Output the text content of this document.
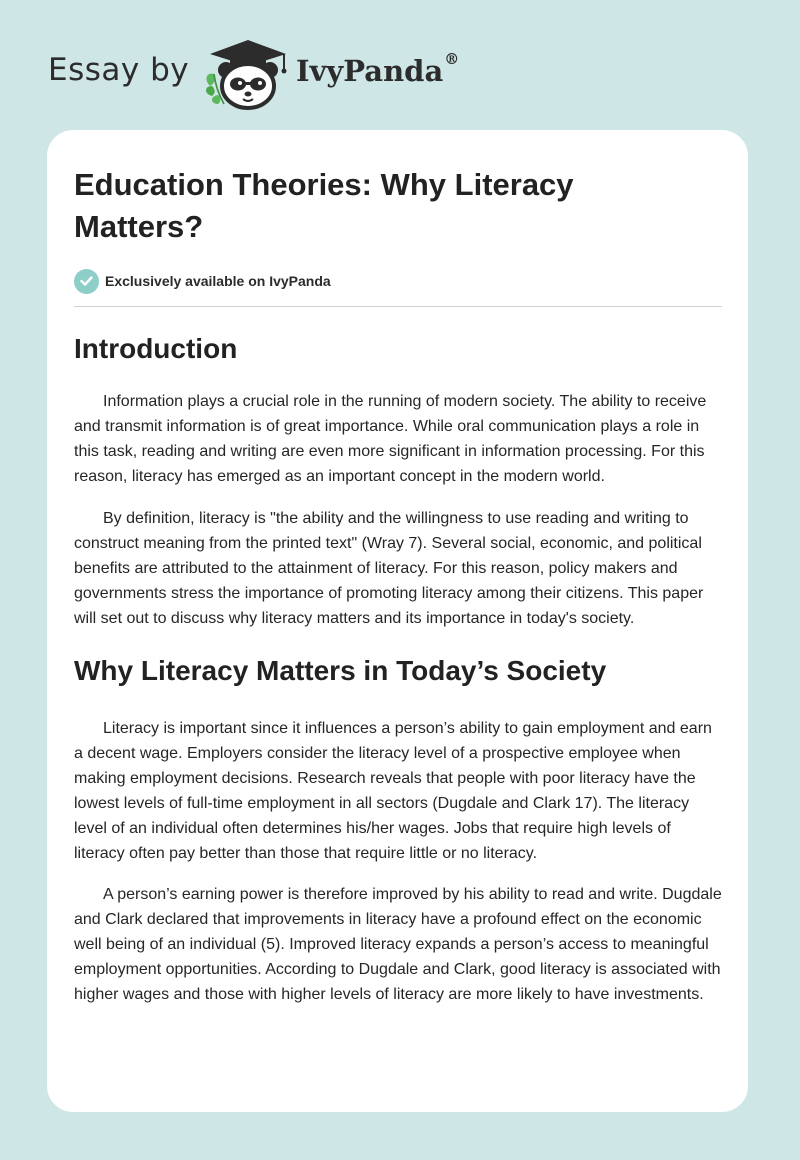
Essay by	IvyPanda®
Education Theories: Why Literacy Matters?
Exclusively available on IvyPanda
Introduction

Information plays a crucial role in the running of modern society. The ability to receive and transmit information is of great importance. While oral communication plays a role in this task, reading and writing are even more significant in information processing. For this reason, literacy has emerged as an important concept in the modern world.

By definition, literacy is "the ability and the willingness to use reading and writing to construct meaning from the printed text" (Wray 7). Several social, economic, and political benefits are attributed to the attainment of literacy. For this reason, policy makers and governments stress the importance of promoting literacy among their citizens. This paper will set out to discuss why literacy matters and its importance in today's society.

Why Literacy Matters in Today’s Society

Literacy is important since it influences a person’s ability to gain employment and earn a decent wage. Employers consider the literacy level of a prospective employee when making employment decisions. Research reveals that people with poor literacy have the lowest levels of full-time employment in all sectors (Dugdale and Clark 17). The literacy level of an individual often determines his/her wages. Jobs that require high levels of literacy often pay better than those that require little or no literacy.

A person’s earning power is therefore improved by his ability to read and write. Dugdale and Clark declared that improvements in literacy have a profound effect on the economic well being of an individual (5). Improved literacy expands a person’s access to meaningful employment opportunities. According to Dugdale and Clark, good literacy is associated with higher wages and those with higher levels of literacy are more likely to have investments.
